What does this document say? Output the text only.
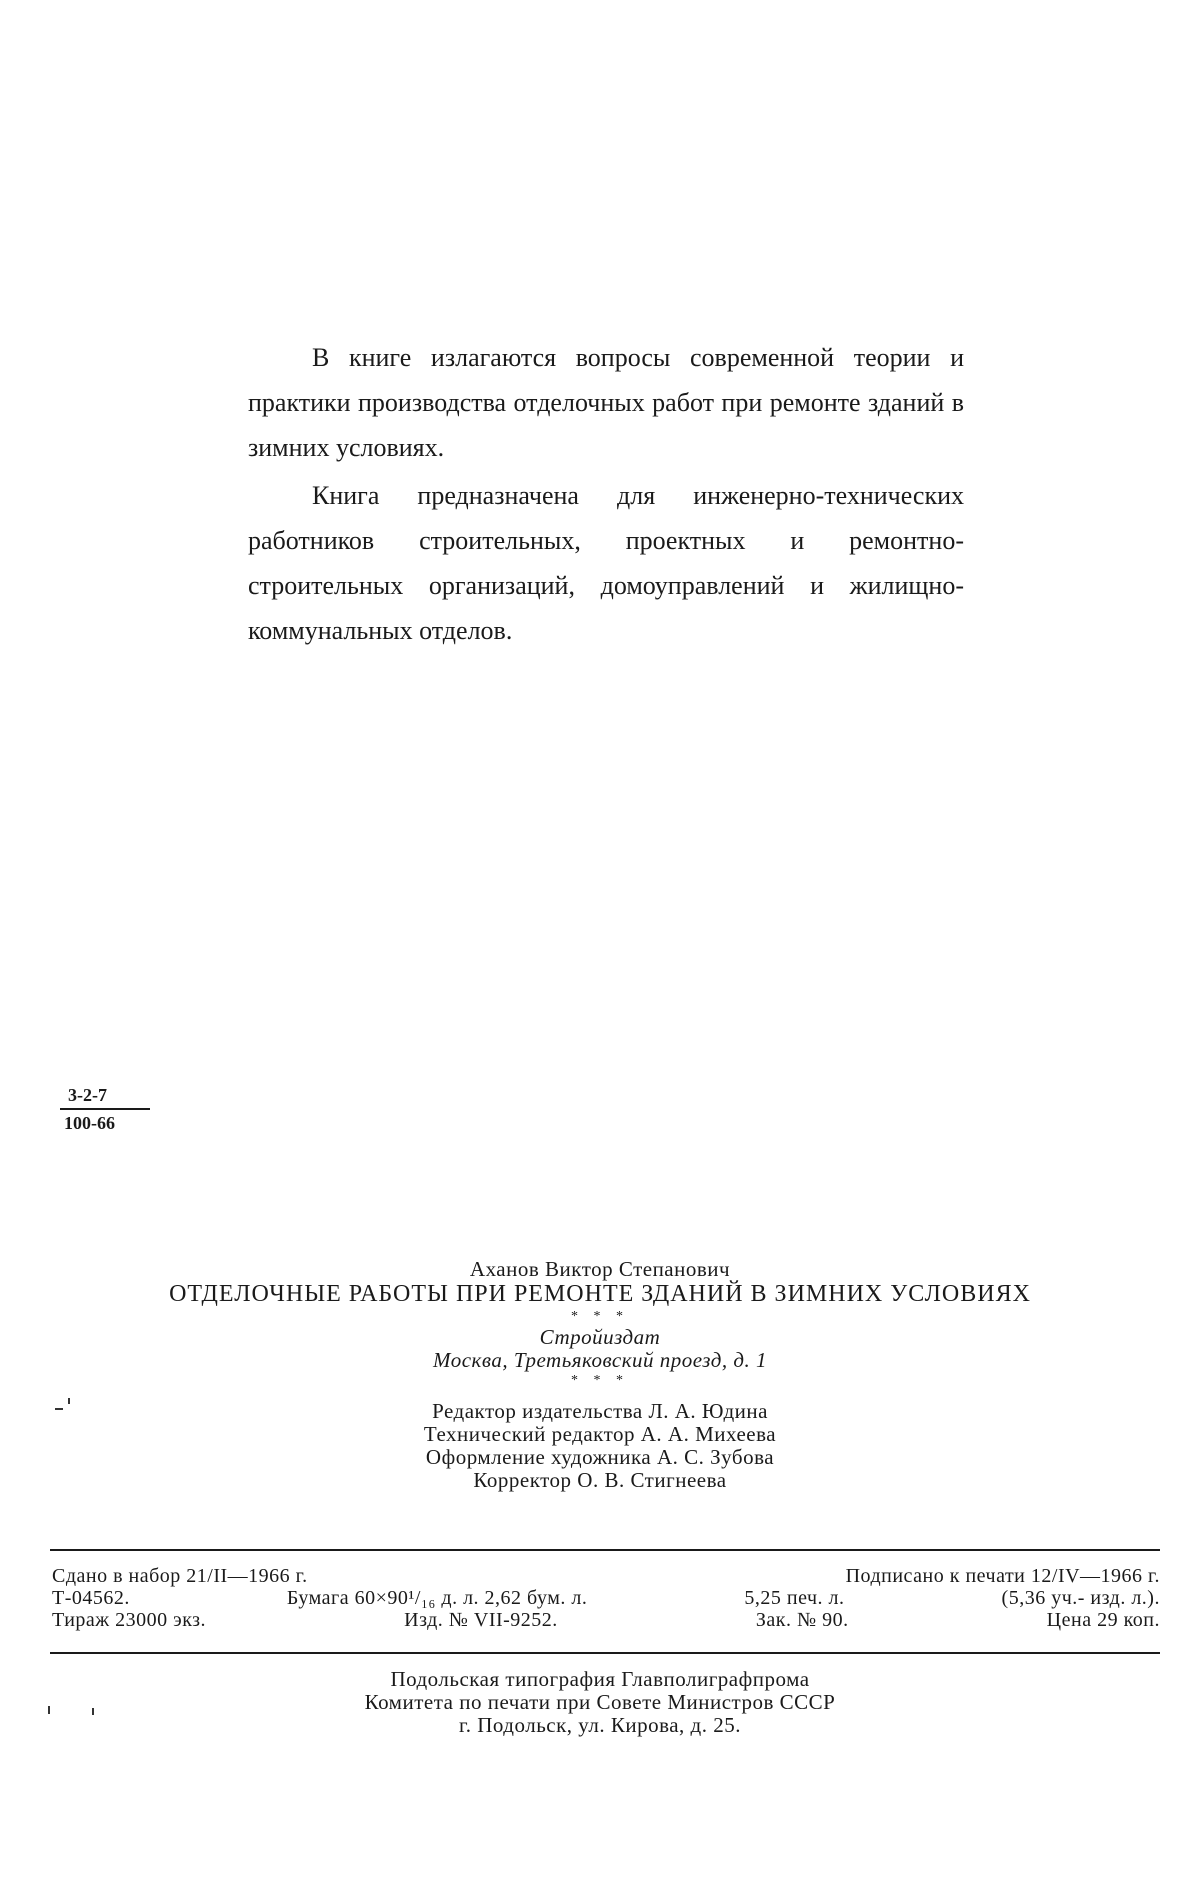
В книге излагаются вопросы современной теории и практики производства отделочных работ при ремонте зданий в зимних условиях.

Книга предназначена для инженерно-технических работников строительных, проектных и ремонтно-строительных организаций, домоуправлений и жилищно-коммунальных отделов.

$\frac{3-2-7}{100-66}$
Аханов Виктор Степанович
ОТДЕЛОЧНЫЕ РАБОТЫ ПРИ РЕМОНТЕ ЗДАНИЙ В ЗИМНИХ УСЛОВИЯХ
* * *
Стройиздат
Москва, Третьяковский проезд, д. 1
* * *
Редактор издательства Л. А. Юдина
Технический редактор А. А. Михеева
Оформление художника А. С. Зубова
Корректор О. В. Стигнеева
Сдано в набор 21/II—1966 г.	Подписано к печати 12/IV—1966 г.
Т-04562.	Бумага 60×90¹/₁₆ д. л. 2,62 бум. л.	5,25 печ. л.	(5,36 уч.- изд. л.).
Тираж 23000 экз.	Изд. № VII-9252.	Зак. № 90.	Цена 29 коп.
Подольская типография Главполиграфпрома
Комитета по печати при Совете Министров СССР
г. Подольск, ул. Кирова, д. 25.
